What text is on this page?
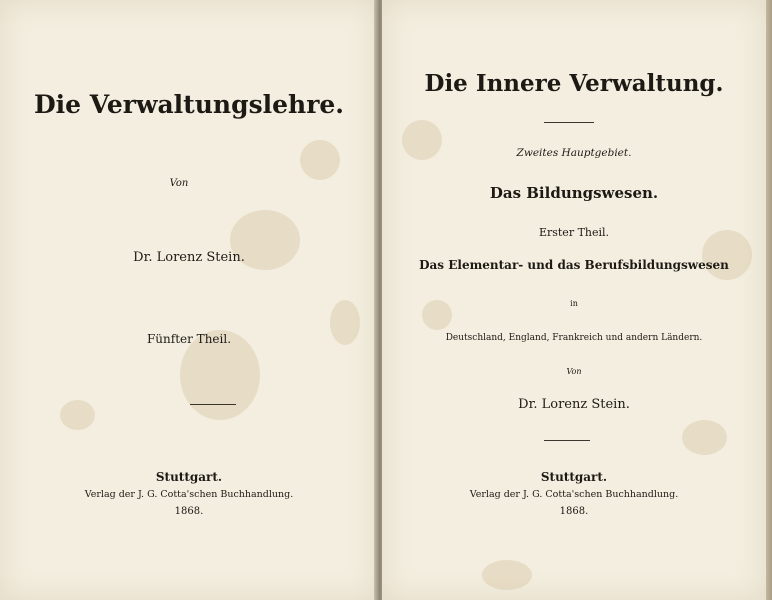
Die Verwaltungslehre.
Von
Dr. Lorenz Stein.
Fünfter Theil.
Stuttgart.
Verlag der J. G. Cotta'schen Buchhandlung.
1868.
Die Innere Verwaltung.
Zweites Hauptgebiet.
Das Bildungswesen.
Erster Theil.
Das Elementar- und das Berufsbildungswesen
in
Deutschland, England, Frankreich und andern Ländern.
Von
Dr. Lorenz Stein.
Stuttgart.
Verlag der J. G. Cotta'schen Buchhandlung.
1868.
